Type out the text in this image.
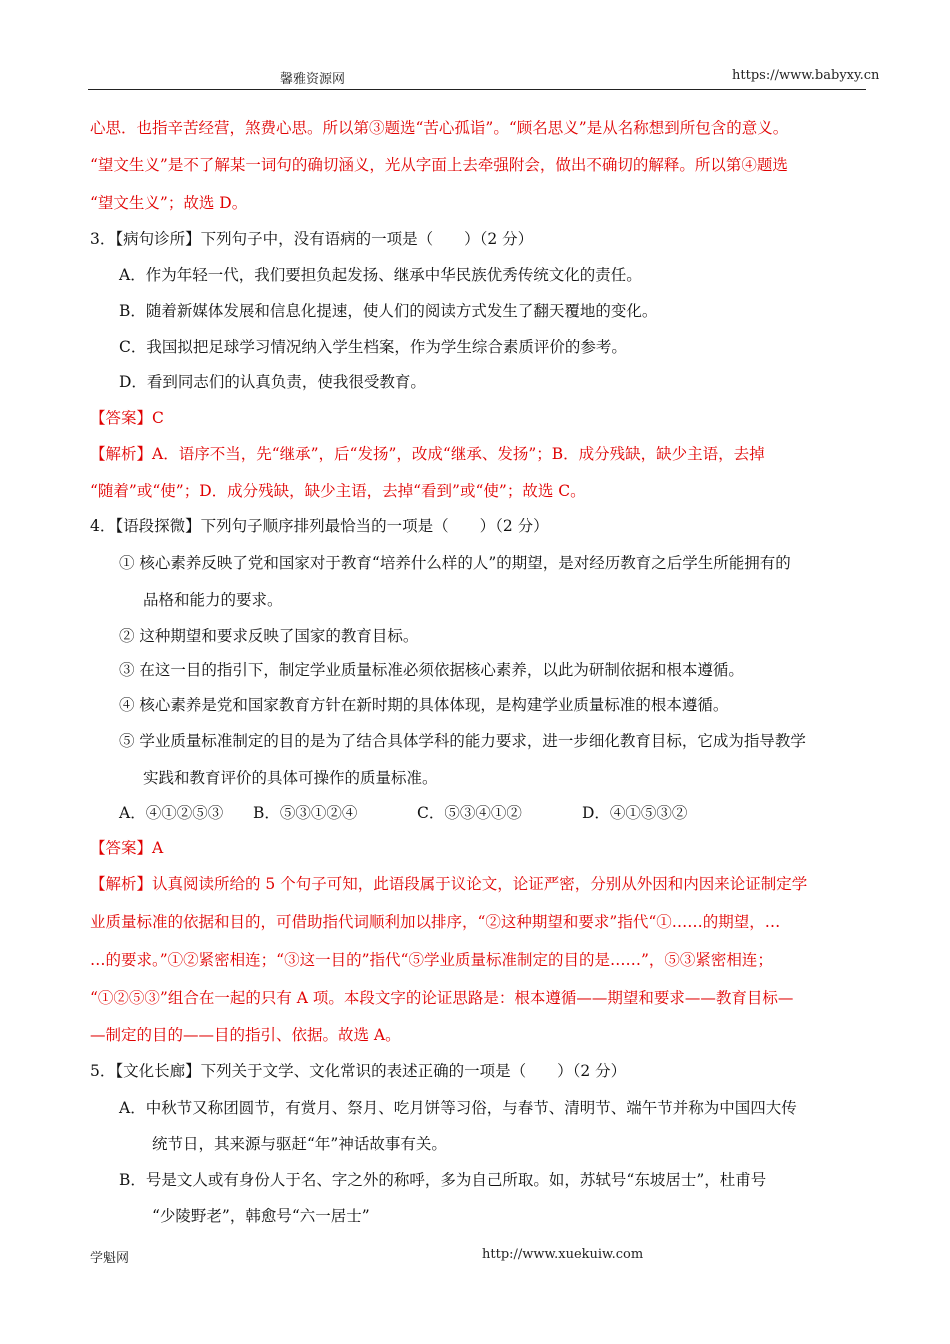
馨雅资源网	https://www.babyxy.cn
心思．也指辛苦经营，煞费心思。所以第③题选“苦心孤诣”。“顾名思义”是从名称想到所包含的意义。
“望文生义”是不了解某一词句的确切涵义，光从字面上去牵强附会，做出不确切的解释。所以第④题选
“望文生义”；故选 D。
3．【病句诊所】下列句子中，没有语病的一项是（　　）（2 分）
A．作为年轻一代，我们要担负起发扬、继承中华民族优秀传统文化的责任。
B．随着新媒体发展和信息化提速，使人们的阅读方式发生了翻天覆地的变化。
C．我国拟把足球学习情况纳入学生档案，作为学生综合素质评价的参考。
D．看到同志们的认真负责，使我很受教育。
【答案】C
【解析】A．语序不当，先“继承”，后“发扬”，改成“继承、发扬”；B．成分残缺，缺少主语，去掉
“随着”或“使”；D．成分残缺，缺少主语，去掉“看到”或“使”；故选 C。
4．【语段探微】下列句子顺序排列最恰当的一项是（　　）（2 分）
① 核心素养反映了党和国家对于教育“培养什么样的人”的期望，是对经历教育之后学生所能拥有的
品格和能力的要求。
② 这种期望和要求反映了国家的教育目标。
③ 在这一目的指引下，制定学业质量标准必须依据核心素养，以此为研制依据和根本遵循。
④ 核心素养是党和国家教育方针在新时期的具体体现，是构建学业质量标准的根本遵循。
⑤ 学业质量标准制定的目的是为了结合具体学科的能力要求，进一步细化教育目标，它成为指导教学
实践和教育评价的具体可操作的质量标准。
A．④①②⑤③ B．⑤③①②④	C．⑤③④①②	D．④①⑤③②
【答案】A
【解析】认真阅读所给的 5 个句子可知，此语段属于议论文，论证严密，分别从外因和内因来论证制定学
业质量标准的依据和目的，可借助指代词顺利加以排序，“②这种期望和要求”指代“①……的期望，…
…的要求。”①②紧密相连；“③这一目的”指代“⑤学业质量标准制定的目的是……”，⑤③紧密相连；
“①②⑤③”组合在一起的只有 A 项。本段文字的论证思路是：根本遵循——期望和要求——教育目标—
—制定的目的——目的指引、依据。故选 A。
5．【文化长廊】下列关于文学、文化常识的表述正确的一项是（　　）（2 分）
A．中秋节又称团圆节，有赏月、祭月、吃月饼等习俗，与春节、清明节、端午节并称为中国四大传
统节日，其来源与驱赶“年”神话故事有关。
B．号是文人或有身份人于名、字之外的称呼，多为自己所取。如，苏轼号“东坡居士”，杜甫号
“少陵野老”，韩愈号“六一居士”
学魁网	http://www.xuekuiw.com
